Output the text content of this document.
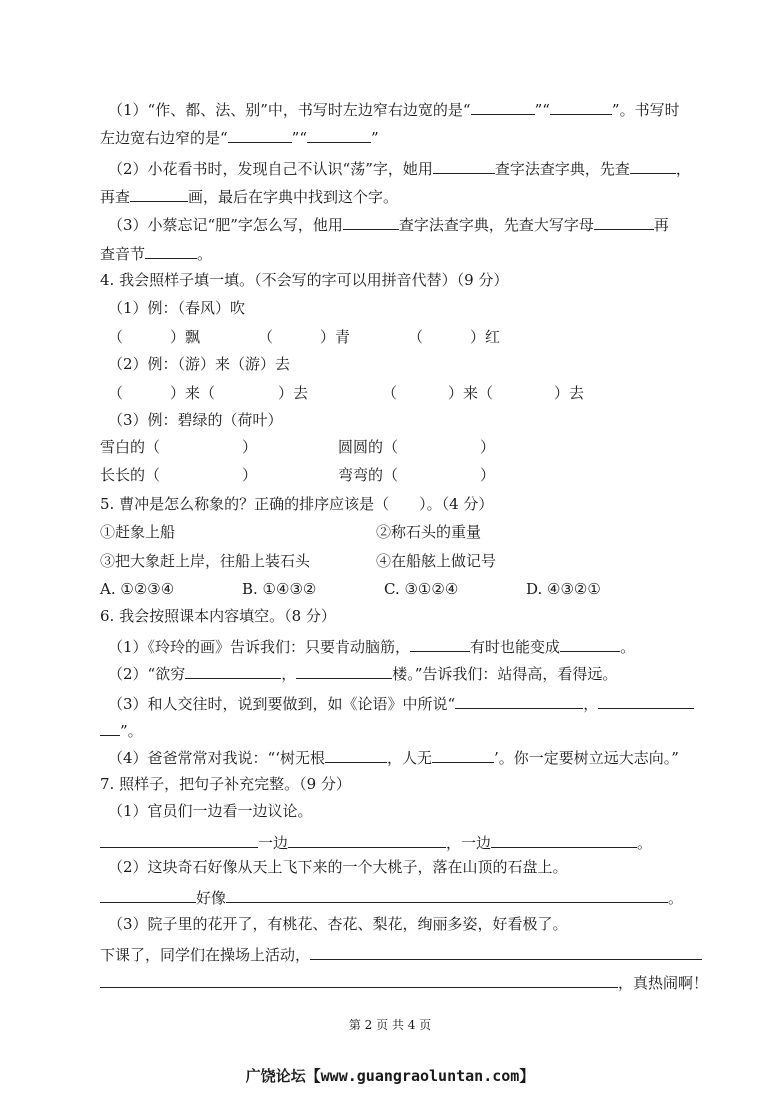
（1）“作、都、法、别”中，书写时左边窄右边宽的是“	”“	”。书写时
左边宽右边窄的是“	”“	”
（2）小花看书时，发现自己不认识“荡”字，她用	查字法查字典，先查	，
再查	画，最后在字典中找到这个字。
（3）小蔡忘记“肥”字怎么写，他用	查字法查字典，先查大写字母	再
查音节	。
4. 我会照样子填一填。（不会写的字可以用拼音代替）（9 分）
（1）例：（春风）吹
（	）飘	（	）青	（	）红
（2）例：（游）来（游）去
（	）来（	）去	（	）来（	）去
（3）例：碧绿的（荷叶）
雪白的（	）	圆圆的（	）
长长的（	）	弯弯的（	）
5. 曹冲是怎么称象的？正确的排序应该是（　　）。（4 分）
①赶象上船	②称石头的重量
③把大象赶上岸，往船上装石头	④在船舷上做记号
A. ①②③④	B. ①④③②	C. ③①②④	D. ④③②①
6. 我会按照课本内容填空。（8 分）
（1）《玲玲的画》告诉我们：只要肯动脑筋，	有时也能变成	。
（2）“欲穷	，	楼。”告诉我们：站得高，看得远。
（3）和人交往时，说到要做到，如《论语》中所说“	，
”。
（4）爸爸常常对我说：“‘树无根	，人无	’。你一定要树立远大志向。”
7. 照样子，把句子补充完整。（9 分）
（1）官员们一边看一边议论。
一边	，一边	。
（2）这块奇石好像从天上飞下来的一个大桃子，落在山顶的石盘上。
好像	。
（3）院子里的花开了，有桃花、杏花、梨花，绚丽多姿，好看极了。
下课了，同学们在操场上活动，
，真热闹啊！
第 2 页 共 4 页
广饶论坛【www.guangraoluntan.com】
